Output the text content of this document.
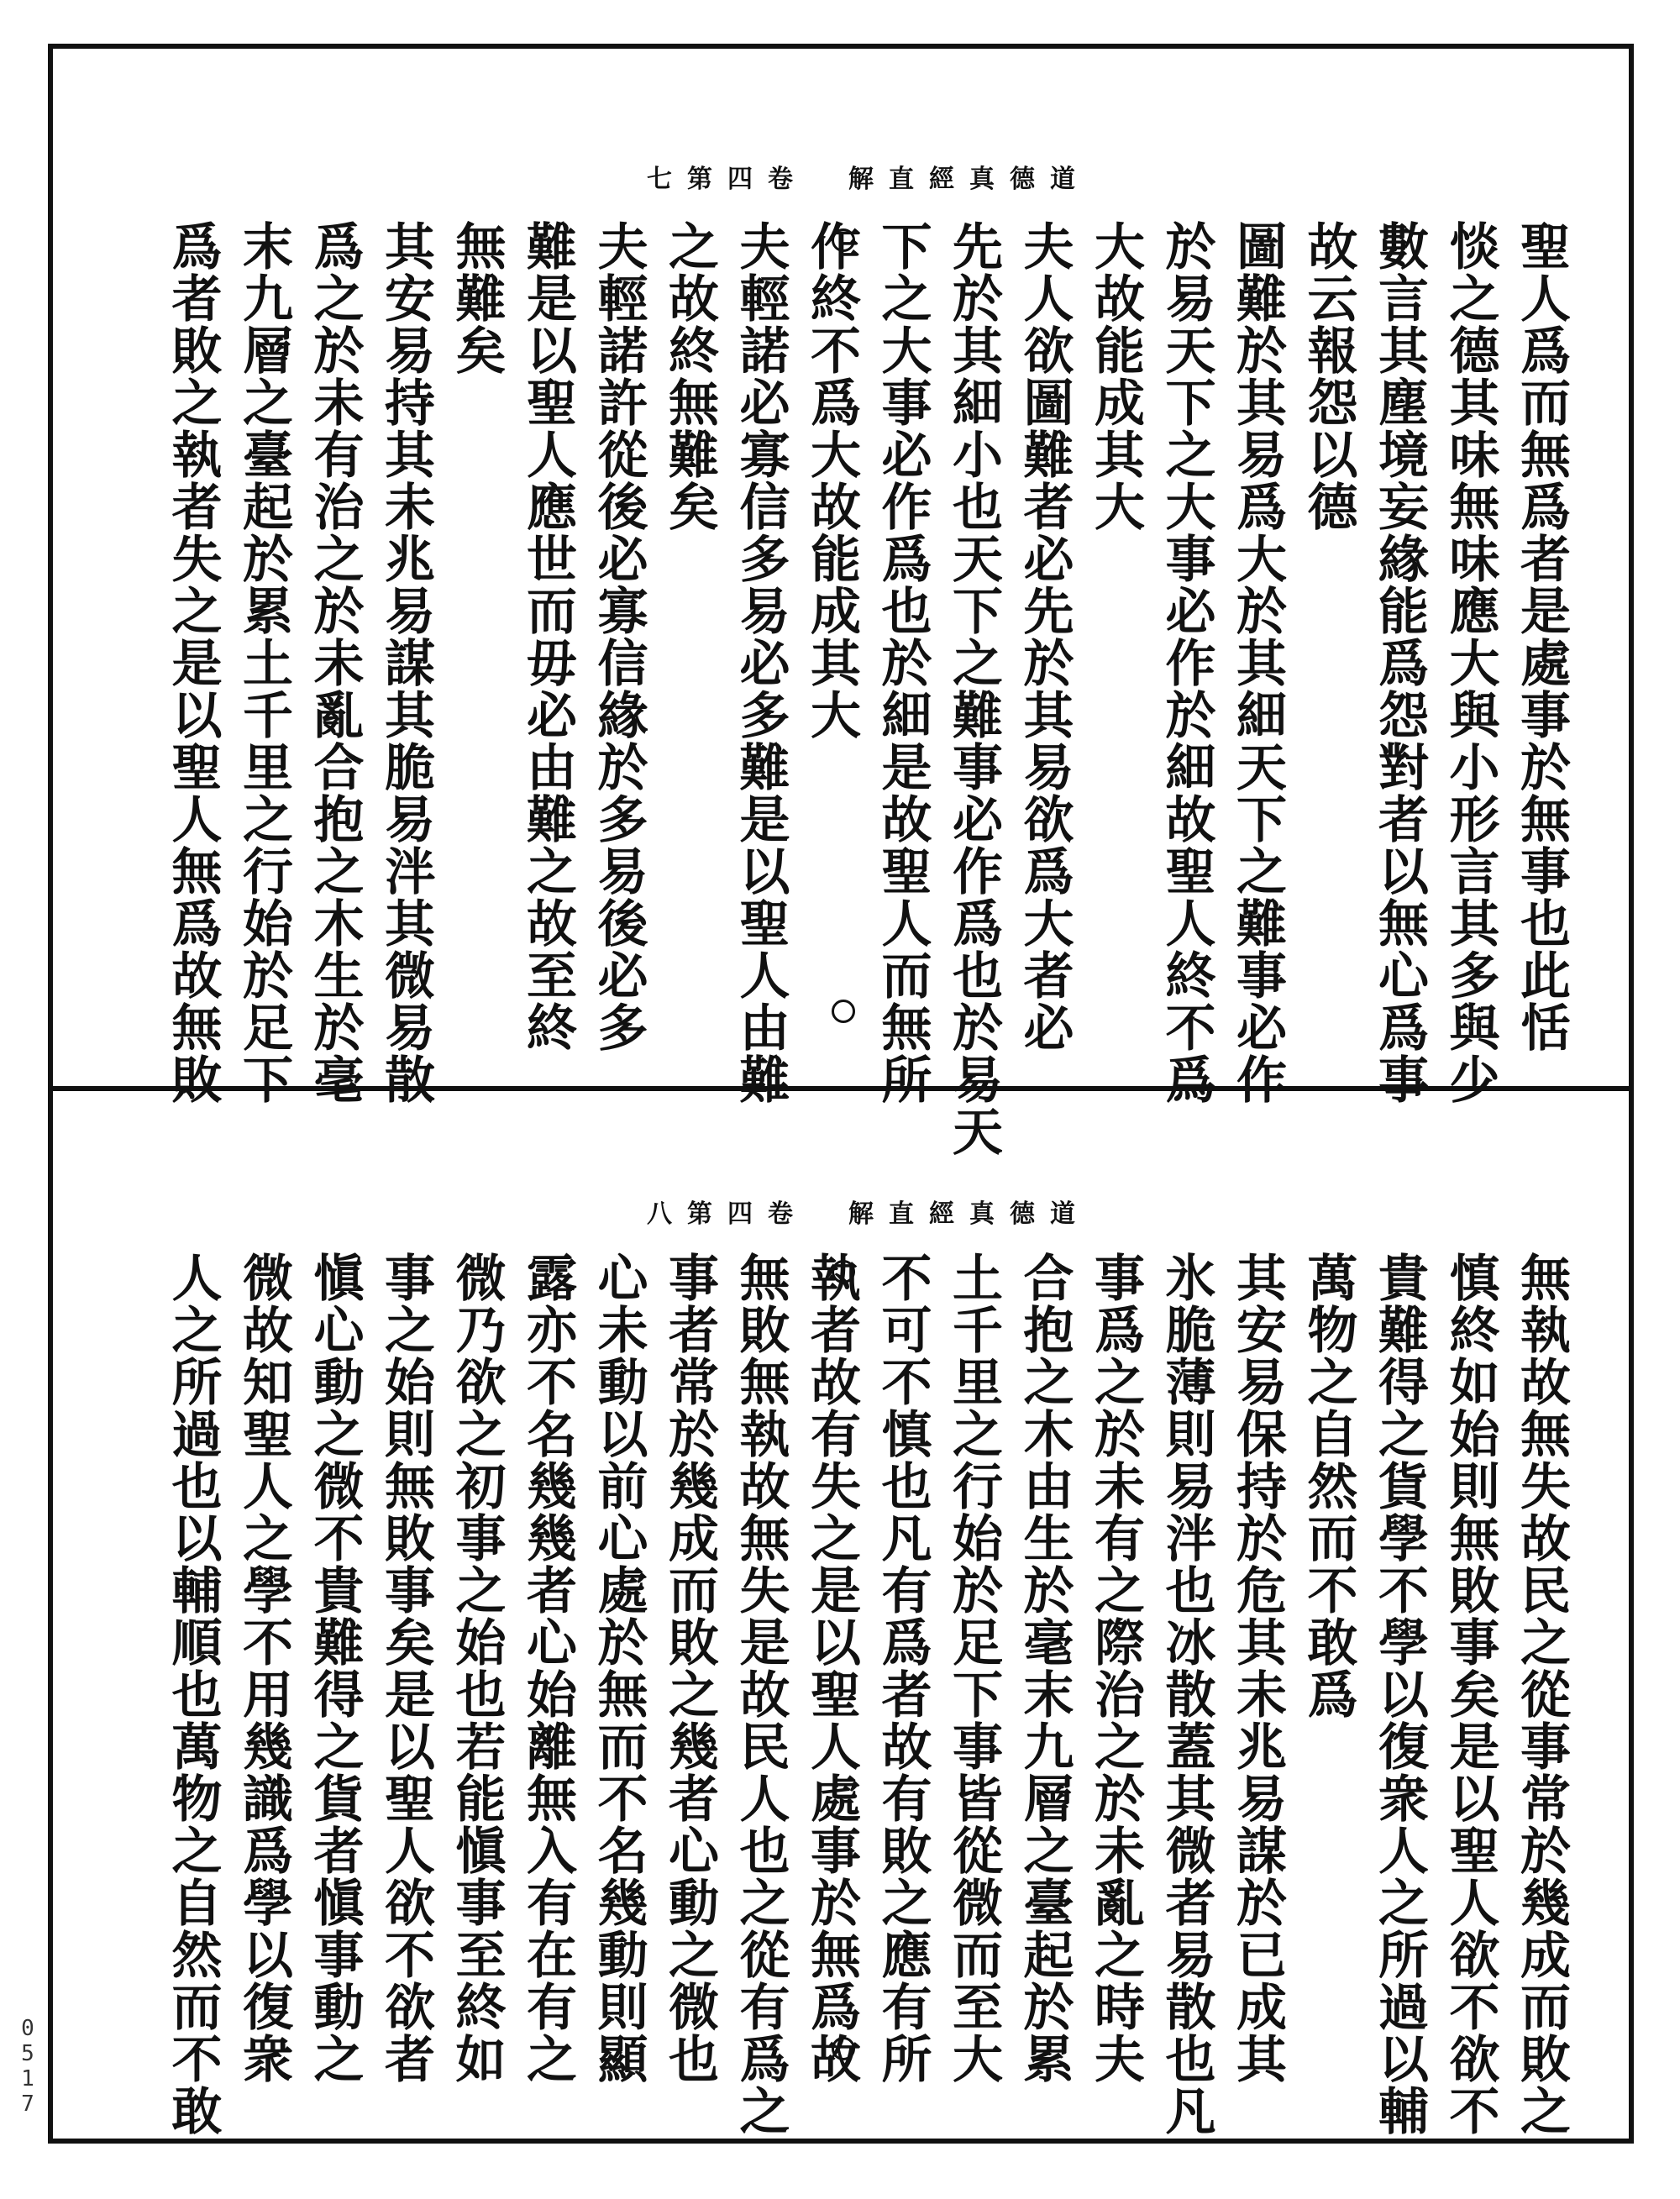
七第四卷　解直經真德道
聖人爲而無爲者是處事於無事也此恬
惔之德其味無味應大與小形言其多與少
數言其塵境妄緣能爲怨對者以無心爲事
故云報怨以德
圖難於其易爲大於其細天下之難事必作
於易天下之大事必作於細故聖人終不爲
大故能成其大
夫人欲圖難者必先於其易欲爲大者必
先於其細小也天下之難事必作爲也於易天
下之大事必作爲也於細是故聖人而無所
作終不爲大故能成其大
夫輕諾必寡信多易必多難是以聖人由難
之故終無難矣
夫輕諾許從後必寡信緣於多易後必多
難是以聖人應世而毋必由難之故至終
無難矣
其安易持其未兆易謀其脆易泮其微易散
爲之於未有治之於未亂合抱之木生於毫
末九層之臺起於累土千里之行始於足下
爲者敗之執者失之是以聖人無爲故無敗
八第四卷　解直經真德道
無執故無失故民之從事常於幾成而敗之
慎終如始則無敗事矣是以聖人欲不欲不
貴難得之貨學不學以復衆人之所過以輔
萬物之自然而不敢爲
其安易保持於危其未兆易謀於已成其
氷脆薄則易泮也冰散蓋其微者易散也凡
事爲之於未有之際治之於未亂之時夫
合抱之木由生於毫末九層之臺起於累
土千里之行始於足下事皆從微而至大
不可不慎也凡有爲者故有敗之應有所
執者故有失之是以聖人處事於無爲故
無敗無執故無失是故民人也之從有爲之
事者常於幾成而敗之幾者心動之微也
心未動以前心處於無而不名幾動則顯
露亦不名幾幾者心始離無入有在有之
微乃欲之初事之始也若能愼事至終如
事之始則無敗事矣是以聖人欲不欲者
愼心動之微不貴難得之貨者愼事動之
微故知聖人之學不用幾識爲學以復衆
人之所過也以輔順也萬物之自然而不敢
0517
